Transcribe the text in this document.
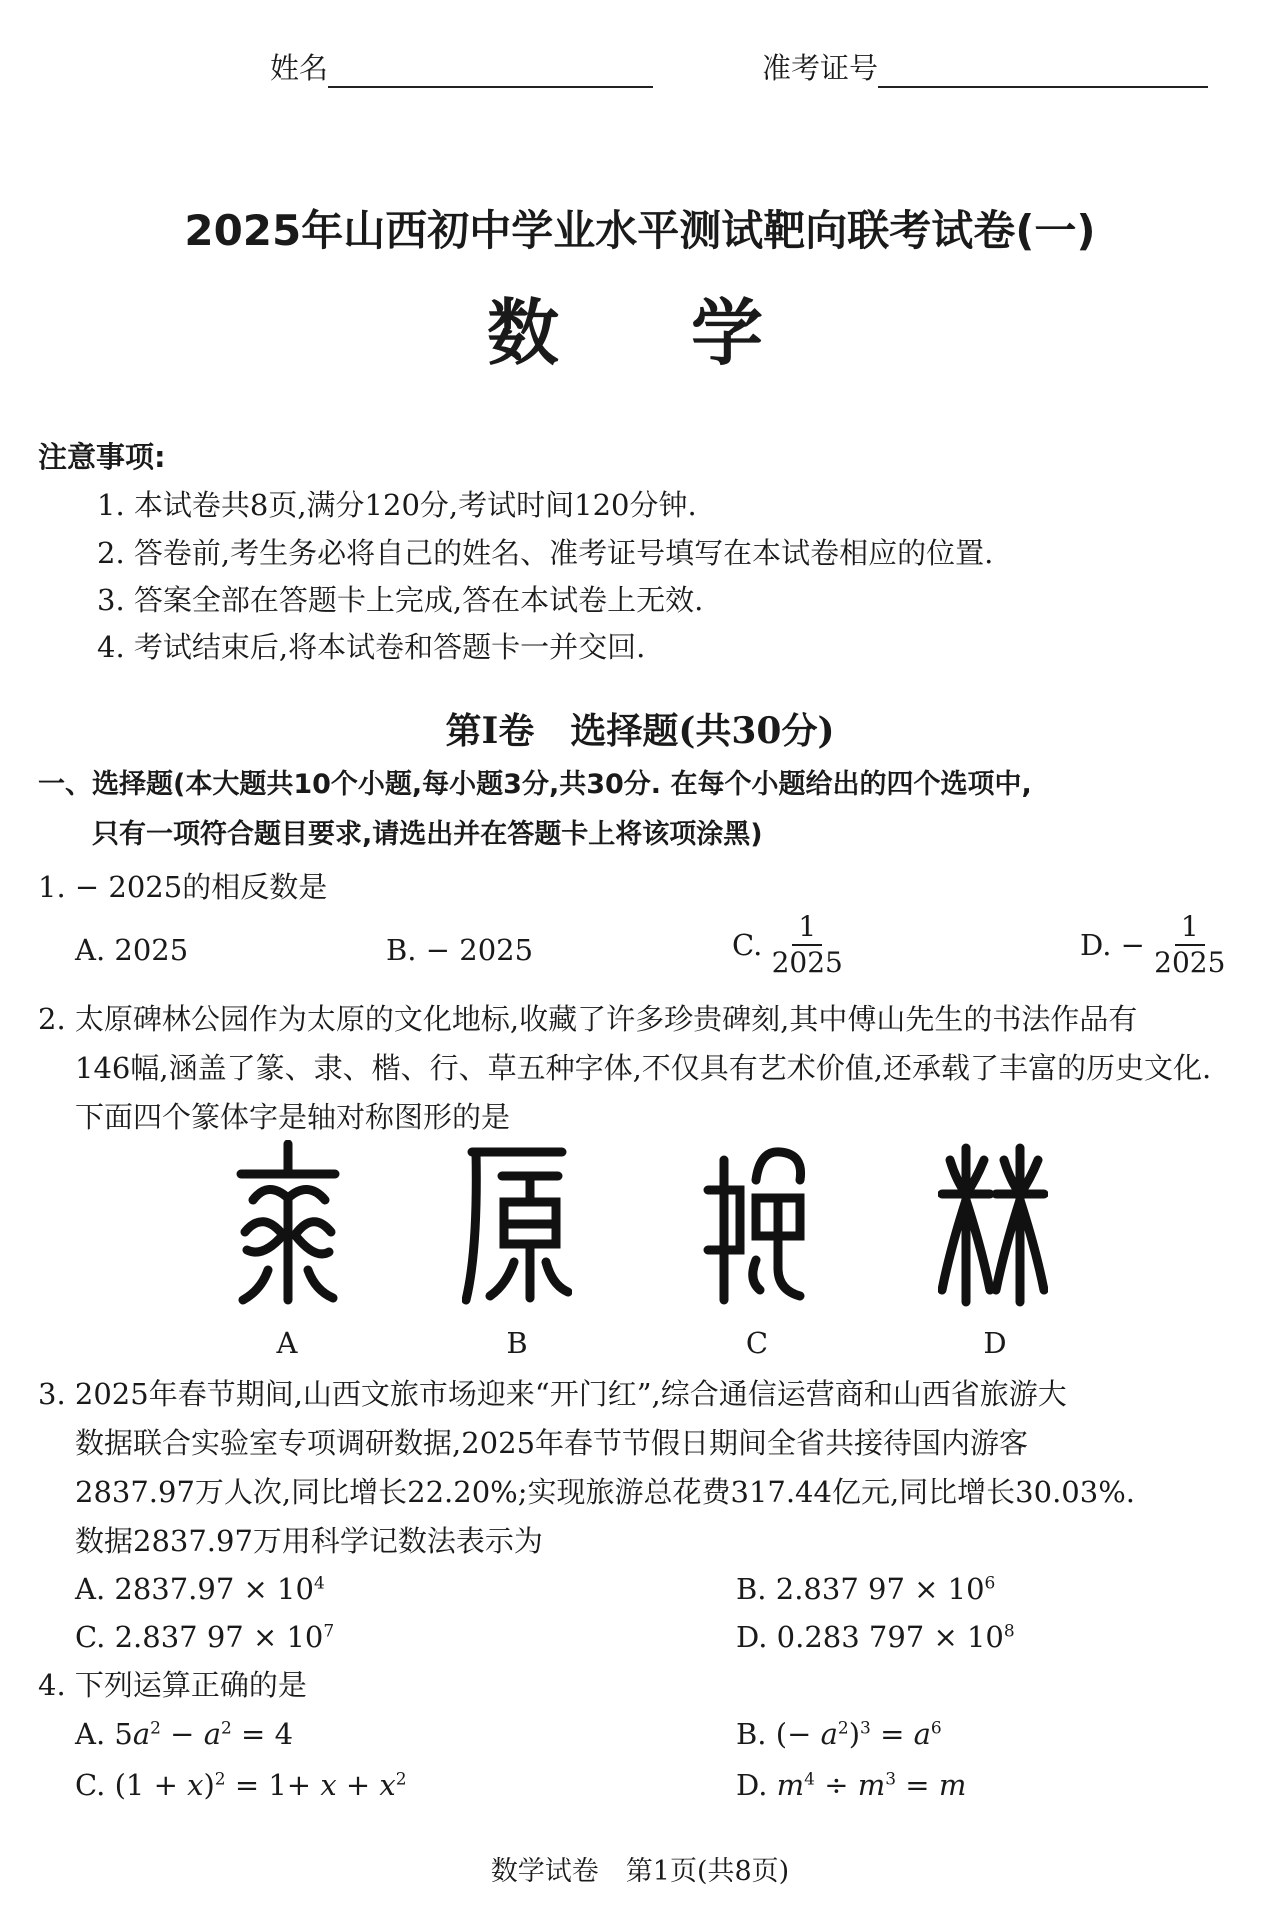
姓名	准考证号
2025年山西初中学业水平测试靶向联考试卷(一)
数　学
注意事项:
1. 本试卷共8页,满分120分,考试时间120分钟.
2. 答卷前,考生务必将自己的姓名、准考证号填写在本试卷相应的位置.
3. 答案全部在答题卡上完成,答在本试卷上无效.
4. 考试结束后,将本试卷和答题卡一并交回.
第Ⅰ卷　选择题(共30分)
一、选择题(本大题共10个小题,每小题3分,共30分. 在每个小题给出的四个选项中,
只有一项符合题目要求,请选出并在答题卡上将该项涂黑)
1. − 2025的相反数是
A. 2025	B. − 2025	C. $\frac{1}{2025}$	D. − $\frac{1}{2025}$
2. 太原碑林公园作为太原的文化地标,收藏了许多珍贵碑刻,其中傅山先生的书法作品有
146幅,涵盖了篆、隶、楷、行、草五种字体,不仅具有艺术价值,还承载了丰富的历史文化.
下面四个篆体字是轴对称图形的是
A	B	C	D
3. 2025年春节期间,山西文旅市场迎来“开门红”,综合通信运营商和山西省旅游大
数据联合实验室专项调研数据,2025年春节节假日期间全省共接待国内游客
2837.97万人次,同比增长22.20%;实现旅游总花费317.44亿元,同比增长30.03%.
数据2837.97万用科学记数法表示为
A. $2837.97 \times 10^4$	B. 2.837 $97 \times 10^6$
C. 2.837 $97 \times 10^7$	D. 0.283 $797 \times 10^8$
4. 下列运算正确的是
A. $5a^2 - a^2 = 4$	B. (− $a^2)^3 = a^6$
C. $(1 + x)^2 = 1+ x + x^2$	D. $m^4 \div m^3 = m$
数学试卷　第1页(共8页)
